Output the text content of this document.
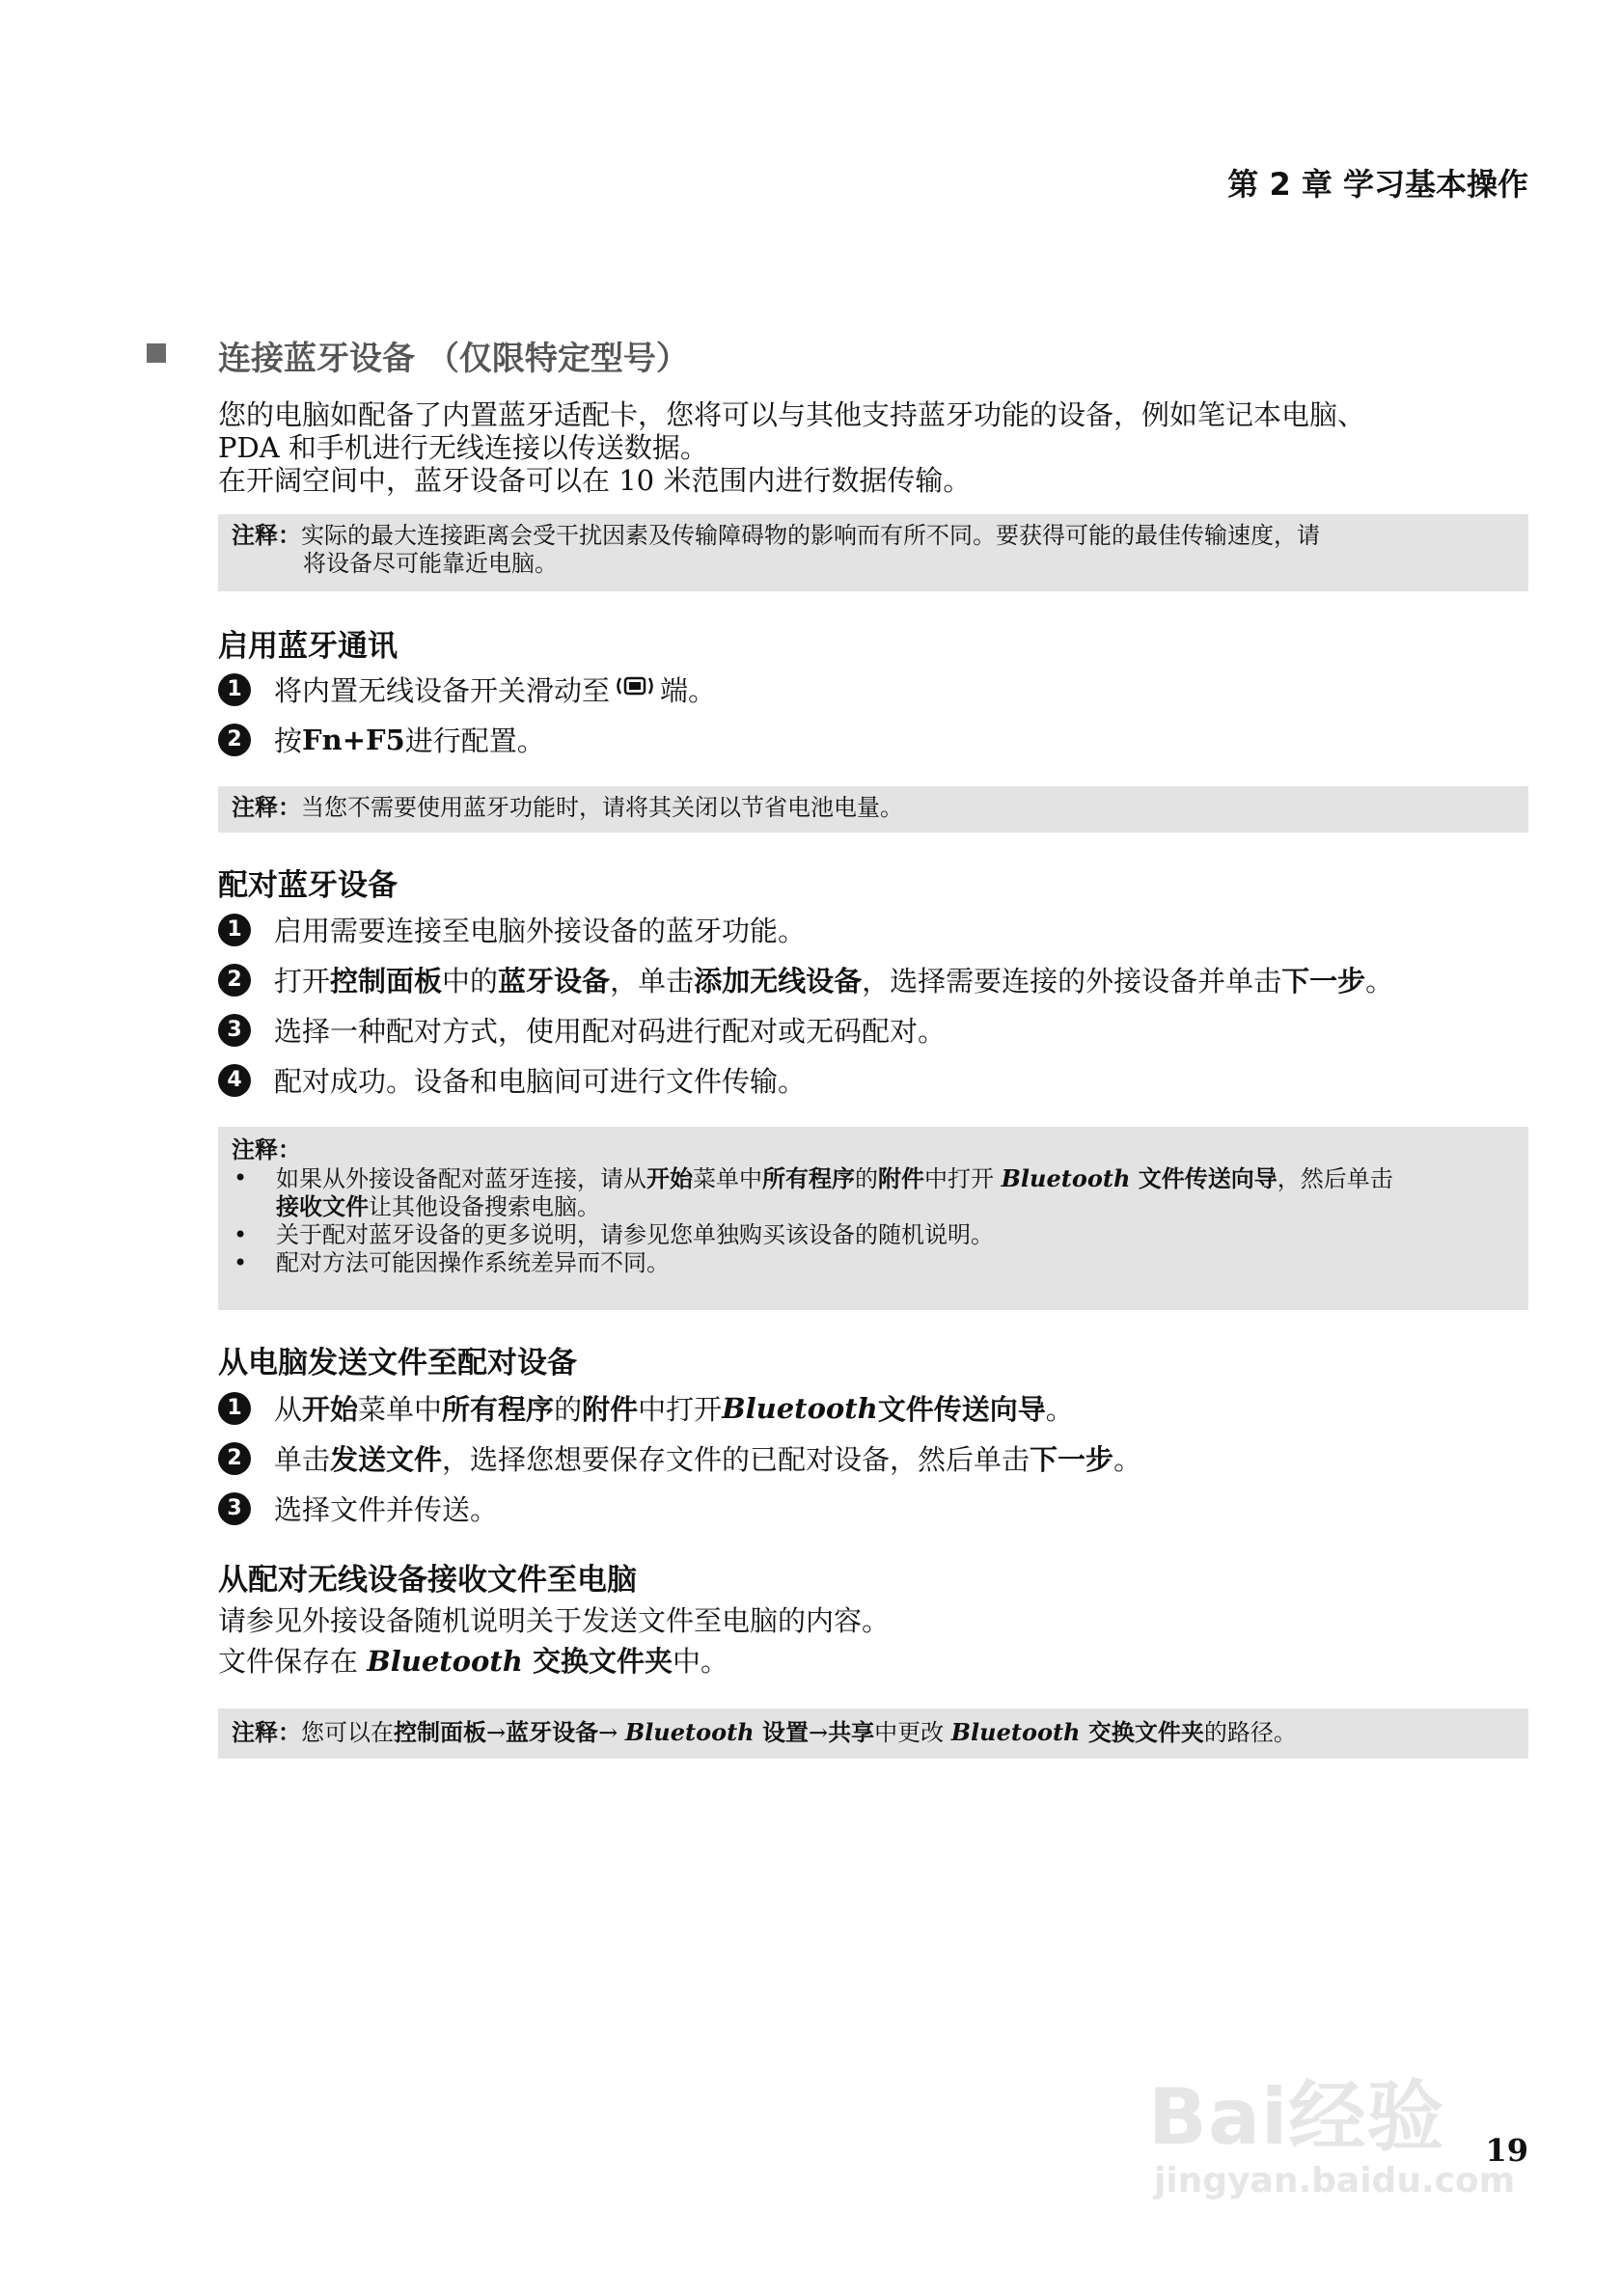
第 2 章 学习基本操作
连接蓝牙设备 （仅限特定型号）
您的电脑如配备了内置蓝牙适配卡，您将可以与其他支持蓝牙功能的设备，例如笔记本电脑、
PDA 和手机进行无线连接以传送数据。
在开阔空间中，蓝牙设备可以在 10 米范围内进行数据传输。
注释：实际的最大连接距离会受干扰因素及传输障碍物的影响而有所不同。要获得可能的最佳传输速度，请
将设备尽可能靠近电脑。
启用蓝牙通讯
1	将内置无线设备开关滑动至 端。
2	按 Fn+F5 进行配置。
注释：当您不需要使用蓝牙功能时，请将其关闭以节省电池电量。
配对蓝牙设备
1	启用需要连接至电脑外接设备的蓝牙功能。
2	打开 控制面板 中的 蓝牙设备 ，单击 添加无线设备 ，选择需要连接的外接设备并单击 下一步 。
3	选择一种配对方式，使用配对码进行配对或无码配对。
4	配对成功。设备和电脑间可进行文件传输。
注释：
•	如果从外接设备配对蓝牙连接，请从开始菜单中所有程序的附件中打开 Bluetooth 文件传送向导，然后单击
接收文件让其他设备搜索电脑。
•	关于配对蓝牙设备的更多说明，请参见您单独购买该设备的随机说明。
•	配对方法可能因操作系统差异而不同。
从电脑发送文件至配对设备
1	从 开始 菜单中 所有程序 的 附件 中打开 Bluetooth 文件传送向导 。
2	单击 发送文件 ，选择您想要保存文件的已配对设备，然后单击 下一步 。
3	选择文件并传送。
从配对无线设备接收文件至电脑
请参见外接设备随机说明关于发送文件至电脑的内容。
文件保存在 Bluetooth 交换文件夹中。
注释：您可以在控制面板→蓝牙设备→ Bluetooth 设置→共享中更改 Bluetooth 交换文件夹的路径。
Bai经验
jingyan.baidu.com
19
